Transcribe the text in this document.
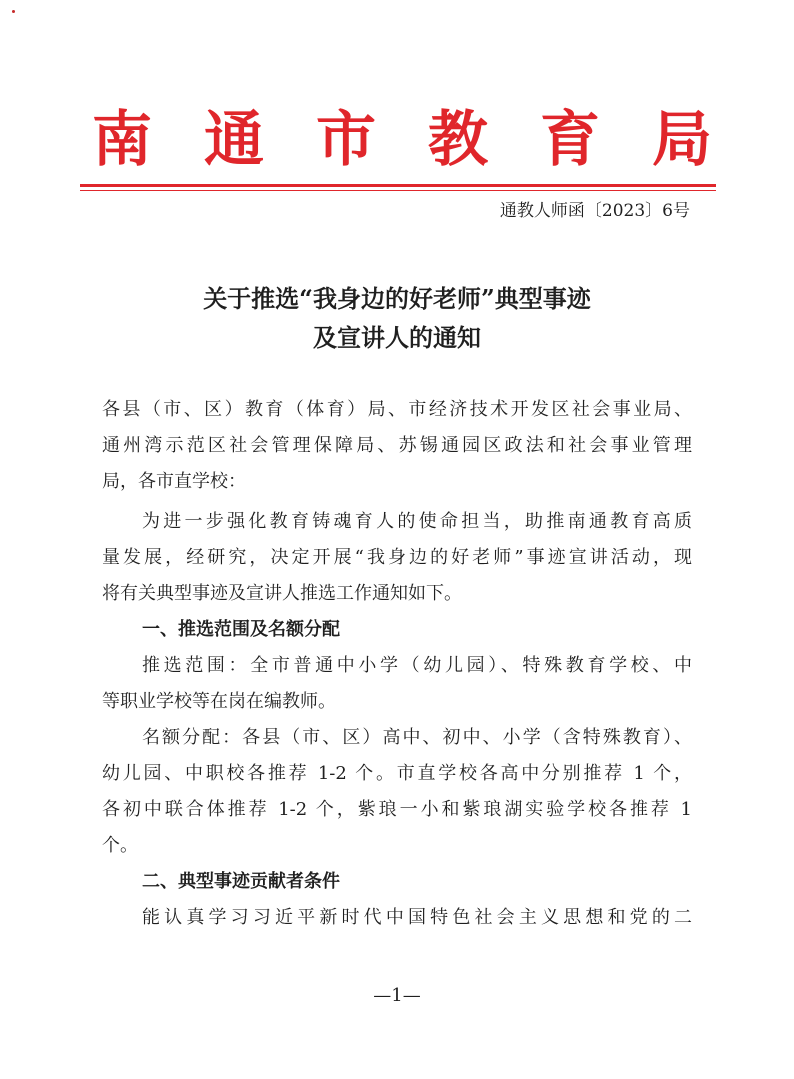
南 通 市 教 育 局
通教人师函〔2023〕6号
关于推选“我身边的好老师”典型事迹
及宣讲人的通知
各县（市、区）教育（体育）局、市经济技术开发区社会事业局、
通州湾示范区社会管理保障局、苏锡通园区政法和社会事业管理
局，各市直学校：
为进一步强化教育铸魂育人的使命担当，助推南通教育高质
量发展，经研究，决定开展“我身边的好老师”事迹宣讲活动，现
将有关典型事迹及宣讲人推选工作通知如下。
一、推选范围及名额分配
推选范围：全市普通中小学（幼儿园）、特殊教育学校、中
等职业学校等在岗在编教师。
名额分配：各县（市、区）高中、初中、小学（含特殊教育）、
幼儿园、中职校各推荐 1-2 个。市直学校各高中分别推荐 1 个，
各初中联合体推荐 1-2 个，紫琅一小和紫琅湖实验学校各推荐 1
个。
二、典型事迹贡献者条件
能认真学习习近平新时代中国特色社会主义思想和党的二
—1—
